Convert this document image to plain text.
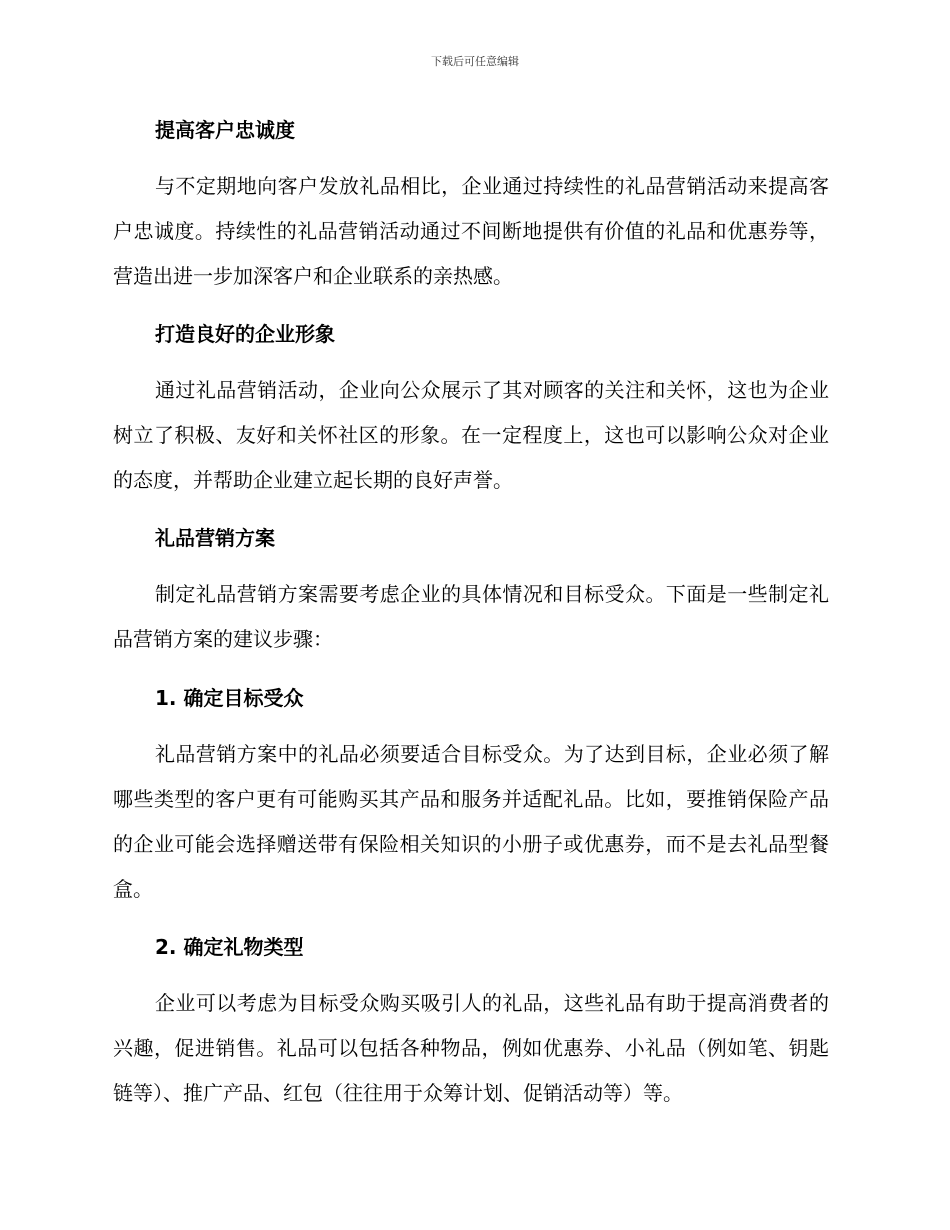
下载后可任意编辑
提高客户忠诚度
与不定期地向客户发放礼品相比，企业通过持续性的礼品营销活动来提高客户忠诚度。持续性的礼品营销活动通过不间断地提供有价值的礼品和优惠券等，营造出进一步加深客户和企业联系的亲热感。
打造良好的企业形象
通过礼品营销活动，企业向公众展示了其对顾客的关注和关怀，这也为企业树立了积极、友好和关怀社区的形象。在一定程度上，这也可以影响公众对企业的态度，并帮助企业建立起长期的良好声誉。
礼品营销方案
制定礼品营销方案需要考虑企业的具体情况和目标受众。下面是一些制定礼品营销方案的建议步骤：
1. 确定目标受众
礼品营销方案中的礼品必须要适合目标受众。为了达到目标，企业必须了解哪些类型的客户更有可能购买其产品和服务并适配礼品。比如，要推销保险产品的企业可能会选择赠送带有保险相关知识的小册子或优惠券，而不是去礼品型餐盒。
2. 确定礼物类型
企业可以考虑为目标受众购买吸引人的礼品，这些礼品有助于提高消费者的兴趣，促进销售。礼品可以包括各种物品，例如优惠券、小礼品（例如笔、钥匙链等）、推广产品、红包（往往用于众筹计划、促销活动等）等。
